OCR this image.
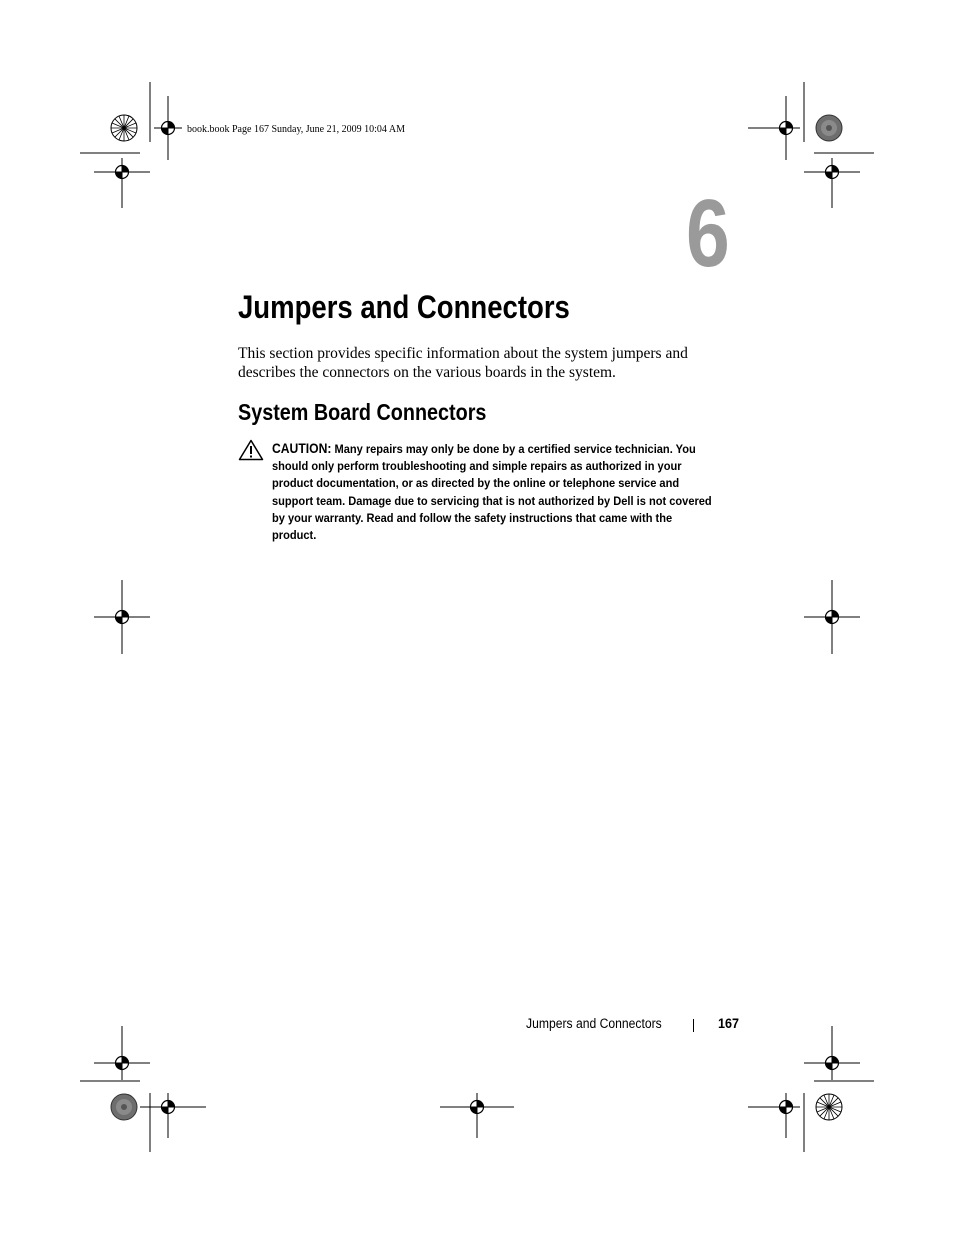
book.book Page 167 Sunday, June 21, 2009 10:04 AM
6
Jumpers and Connectors

This section provides specific information about the system jumpers and

describes the connectors on the various boards in the system.

System Board Connectors
CAUTION: Many repairs may only be done by a certified service technician. You
should only perform troubleshooting and simple repairs as authorized in your
product documentation, or as directed by the online or telephone service and
support team. Damage due to servicing that is not authorized by Dell is not covered
by your warranty. Read and follow the safety instructions that came with the
product.
Jumpers and Connectors	167
